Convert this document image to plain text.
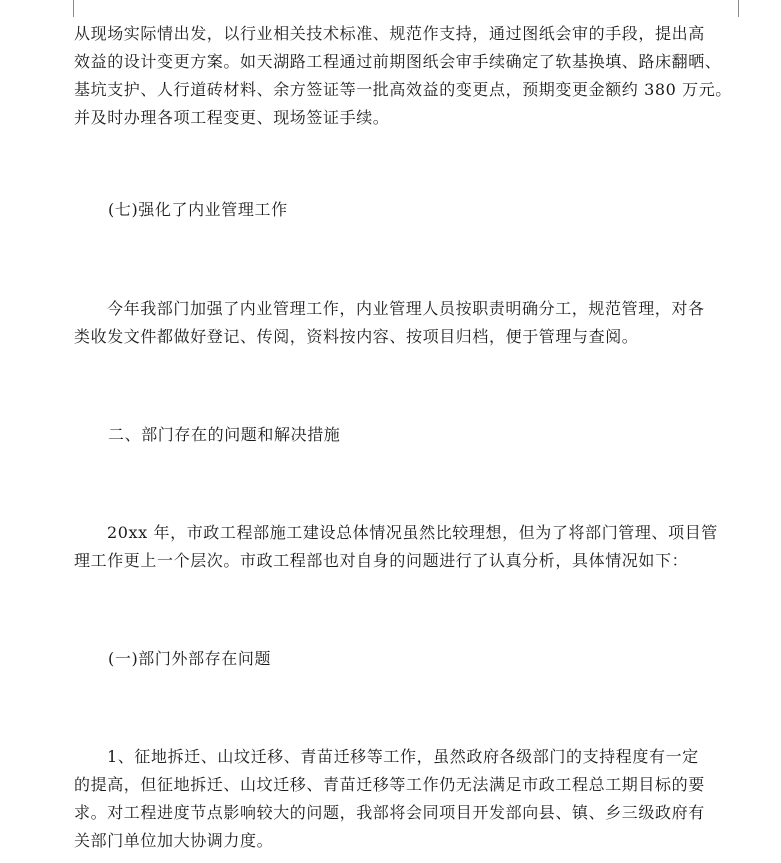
从现场实际情出发，以行业相关技术标准、规范作支持，通过图纸会审的手段，提出高
效益的设计变更方案。如天湖路工程通过前期图纸会审手续确定了软基换填、路床翻晒、
基坑支护、人行道砖材料、余方签证等一批高效益的变更点，预期变更金额约 380 万元。
并及时办理各项工程变更、现场签证手续。

(七)强化了内业管理工作

今年我部门加强了内业管理工作，内业管理人员按职责明确分工，规范管理，对各
类收发文件都做好登记、传阅，资料按内容、按项目归档，便于管理与查阅。

二、部门存在的问题和解决措施

20xx 年，市政工程部施工建设总体情况虽然比较理想，但为了将部门管理、项目管
理工作更上一个层次。市政工程部也对自身的问题进行了认真分析，具体情况如下：

(一)部门外部存在问题

1、征地拆迁、山坟迁移、青苗迁移等工作，虽然政府各级部门的支持程度有一定
的提高，但征地拆迁、山坟迁移、青苗迁移等工作仍无法满足市政工程总工期目标的要
求。对工程进度节点影响较大的问题，我部将会同项目开发部向县、镇、乡三级政府有
关部门单位加大协调力度。
